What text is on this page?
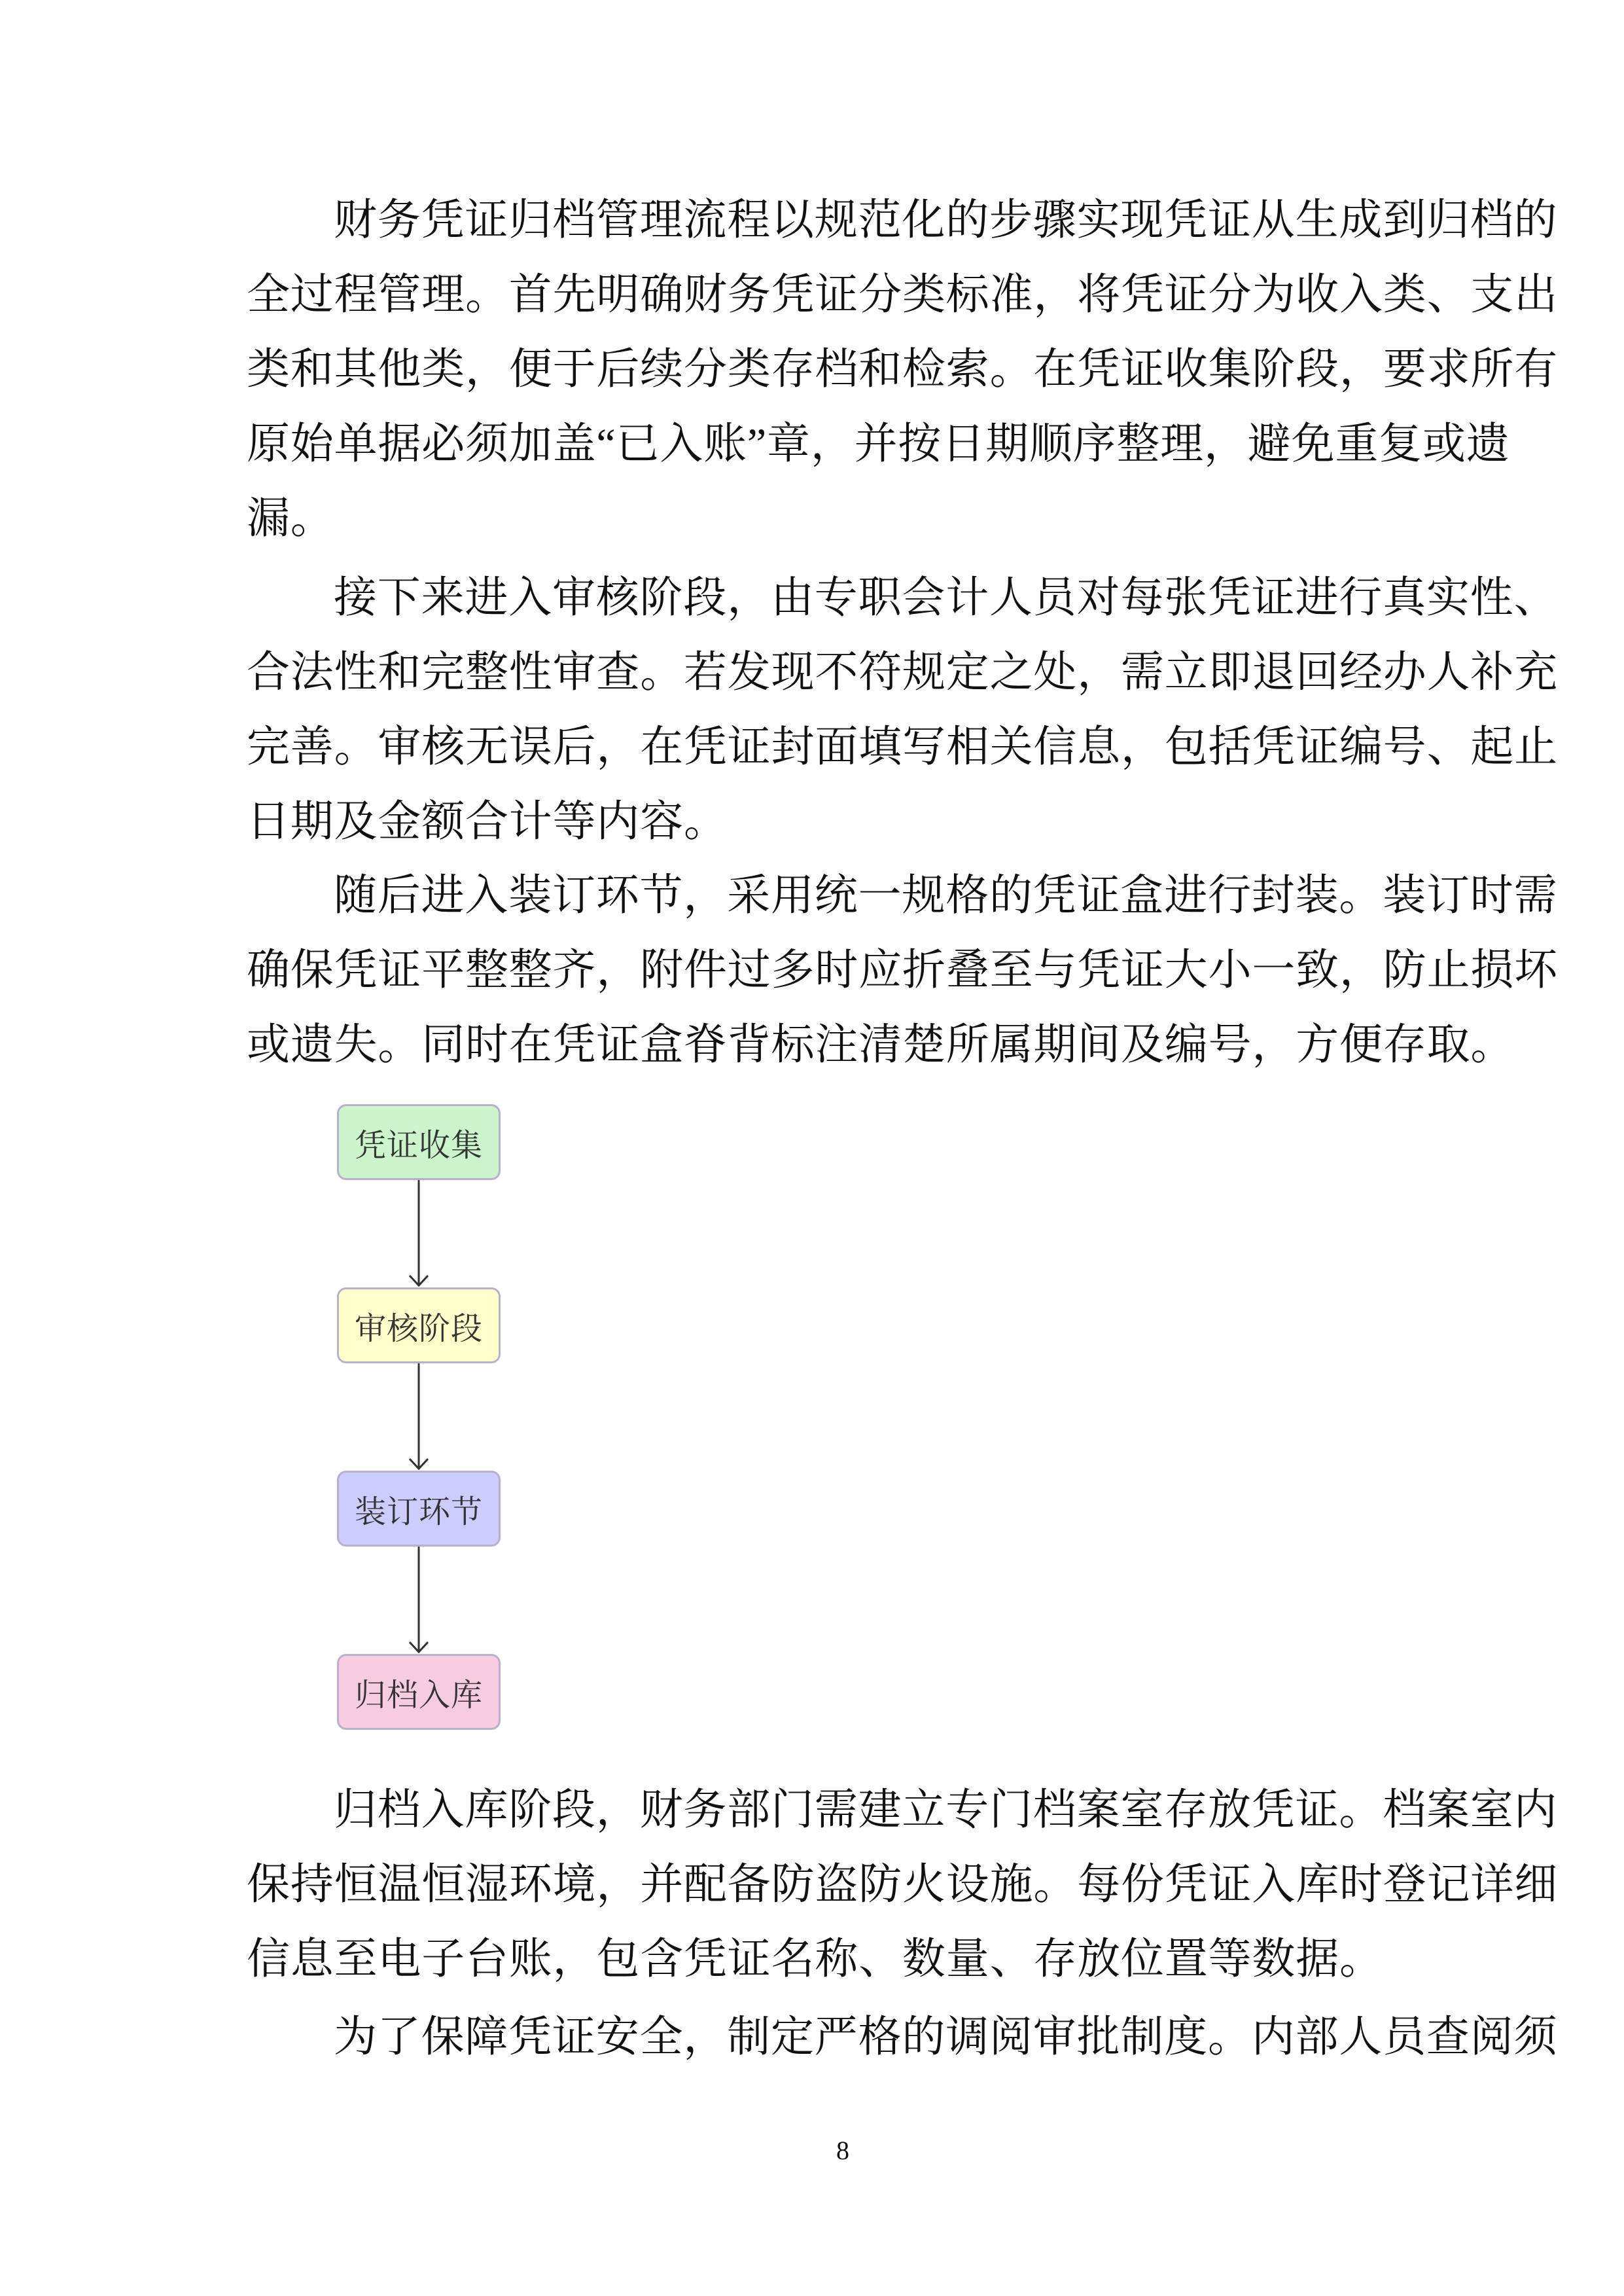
财务凭证归档管理流程以规范化的步骤实现凭证从生成到归档的
全过程管理。首先明确财务凭证分类标准，将凭证分为收入类、支出
类和其他类，便于后续分类存档和检索。在凭证收集阶段，要求所有
原始单据必须加盖“已入账”章，并按日期顺序整理，避免重复或遗
漏。
接下来进入审核阶段，由专职会计人员对每张凭证进行真实性、
合法性和完整性审查。若发现不符规定之处，需立即退回经办人补充
完善。审核无误后，在凭证封面填写相关信息，包括凭证编号、起止
日期及金额合计等内容。
随后进入装订环节，采用统一规格的凭证盒进行封装。装订时需
确保凭证平整整齐，附件过多时应折叠至与凭证大小一致，防止损坏
或遗失。同时在凭证盒脊背标注清楚所属期间及编号，方便存取。
凭证收集
审核阶段
装订环节
归档入库
归档入库阶段，财务部门需建立专门档案室存放凭证。档案室内
保持恒温恒湿环境，并配备防盗防火设施。每份凭证入库时登记详细
信息至电子台账，包含凭证名称、数量、存放位置等数据。
为了保障凭证安全，制定严格的调阅审批制度。内部人员查阅须
8
